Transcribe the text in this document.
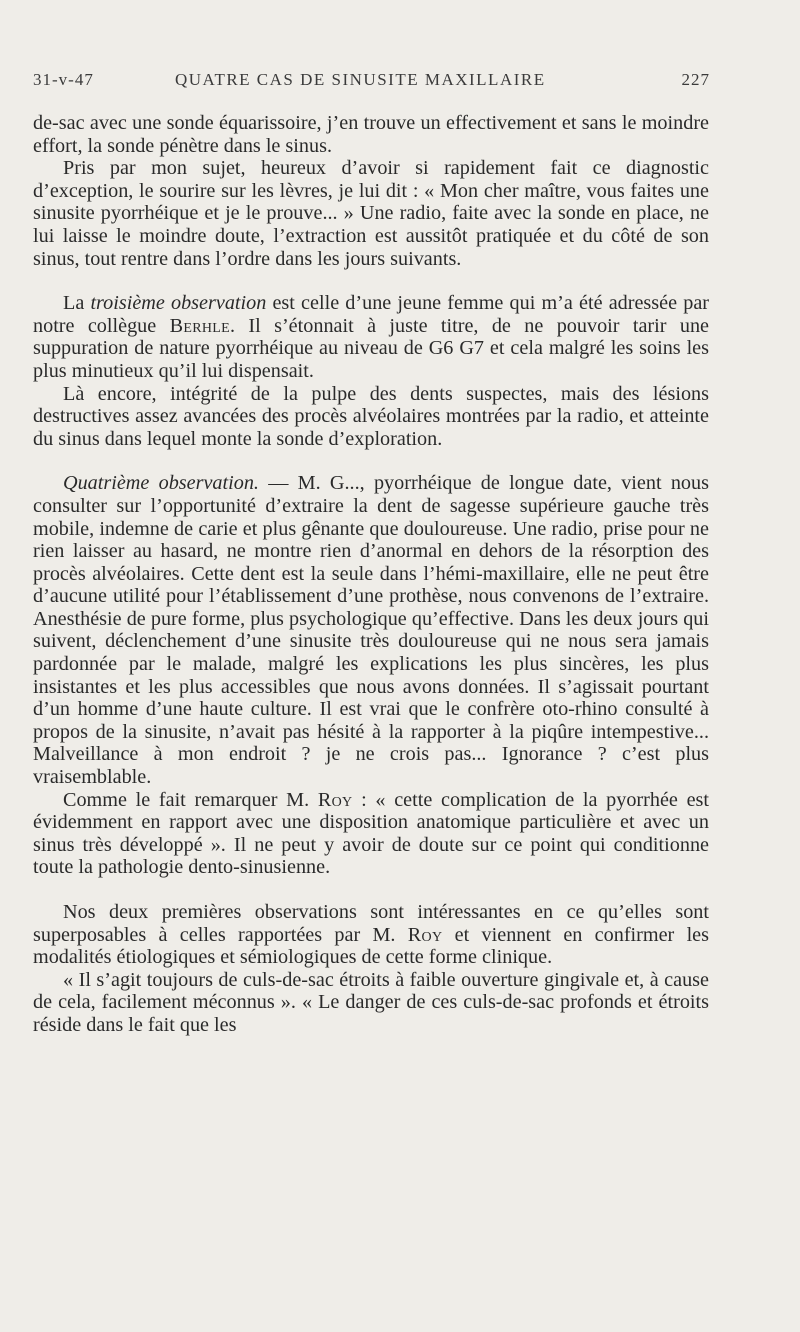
31-v-47	QUATRE CAS DE SINUSITE MAXILLAIRE	227

de-sac avec une sonde équarissoire, j’en trouve un effectivement et sans le moindre effort, la sonde pénètre dans le sinus.

Pris par mon sujet, heureux d’avoir si rapidement fait ce diagnostic d’exception, le sourire sur les lèvres, je lui dit : « Mon cher maître, vous faites une sinusite pyorrhéique et je le prouve... » Une radio, faite avec la sonde en place, ne lui laisse le moindre doute, l’extraction est aussitôt pratiquée et du côté de son sinus, tout rentre dans l’ordre dans les jours suivants.

La troisième observation est celle d’une jeune femme qui m’a été adressée par notre collègue Berhle. Il s’étonnait à juste titre, de ne pouvoir tarir une suppuration de nature pyorrhéique au niveau de G6 G7 et cela malgré les soins les plus minutieux qu’il lui dispensait.

Là encore, intégrité de la pulpe des dents suspectes, mais des lésions destructives assez avancées des procès alvéolaires montrées par la radio, et atteinte du sinus dans lequel monte la sonde d’exploration.

Quatrième observation. — M. G..., pyorrhéique de longue date, vient nous consulter sur l’opportunité d’extraire la dent de sagesse supérieure gauche très mobile, indemne de carie et plus gênante que douloureuse. Une radio, prise pour ne rien laisser au hasard, ne montre rien d’anormal en dehors de la résorption des procès alvéolaires. Cette dent est la seule dans l’hémi-maxillaire, elle ne peut être d’aucune utilité pour l’établissement d’une prothèse, nous convenons de l’extraire. Anesthésie de pure forme, plus psychologique qu’effective. Dans les deux jours qui suivent, déclenchement d’une sinusite très douloureuse qui ne nous sera jamais pardonnée par le malade, malgré les explications les plus sincères, les plus insistantes et les plus accessibles que nous avons données. Il s’agissait pourtant d’un homme d’une haute culture. Il est vrai que le confrère oto-rhino consulté à propos de la sinusite, n’avait pas hésité à la rapporter à la piqûre intempestive... Malveillance à mon endroit ? je ne crois pas... Ignorance ? c’est plus vraisemblable.

Comme le fait remarquer M. Roy : « cette complication de la pyorrhée est évidemment en rapport avec une disposition anatomique particulière et avec un sinus très développé ». Il ne peut y avoir de doute sur ce point qui conditionne toute la pathologie dento-sinusienne.

Nos deux premières observations sont intéressantes en ce qu’elles sont superposables à celles rapportées par M. Roy et viennent en confirmer les modalités étiologiques et sémiologiques de cette forme clinique.

« Il s’agit toujours de culs-de-sac étroits à faible ouverture gingivale et, à cause de cela, facilement méconnus ». « Le danger de ces culs-de-sac profonds et étroits réside dans le fait que les
